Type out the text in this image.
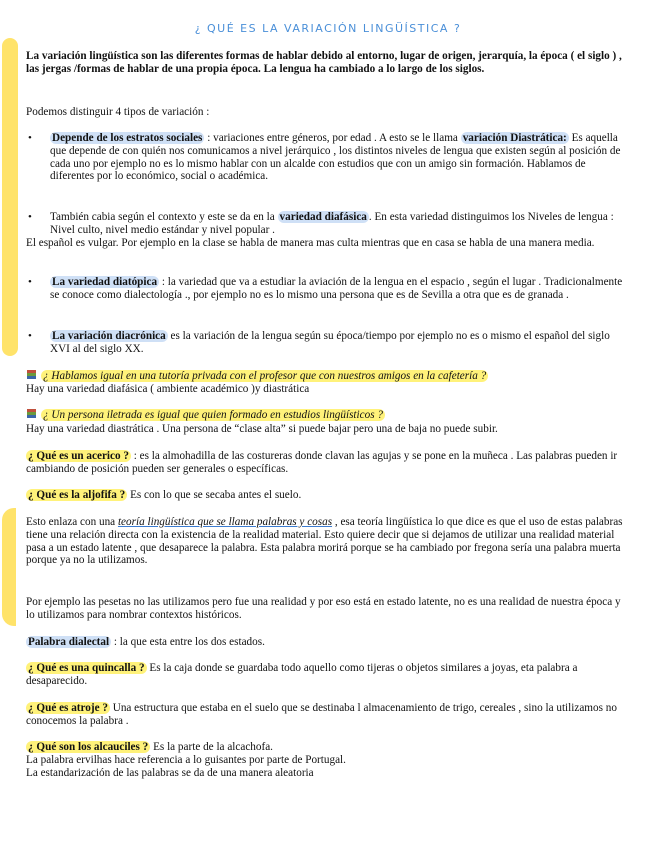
¿ QUÉ ES LA VARIACIÓN LINGÜÍSTICA ?
La variación lingüística son las diferentes formas de hablar debido al entorno, lugar de origen, jerarquía, la época ( el siglo ) , las jergas /formas de hablar de una propia época. La lengua ha cambiado a lo largo de los siglos.
Podemos distinguir 4 tipos de variación :
• Depende de los estratos sociales : variaciones entre géneros, por edad . A esto se le llama variación Diastrática: Es aquella que depende de con quién nos comunicamos a nivel jerárquico , los distintos niveles de lengua que existen según al posición de cada uno por ejemplo no es lo mismo hablar con un alcalde con estudios que con un amigo sin formación. Hablamos de diferentes por lo económico, social o académica.
• También cabia según el contexto y este se da en la variedad diafásica . En esta variedad distinguimos los Niveles de lengua : Nivel culto, nivel medio estándar y nivel popular .
El español es vulgar. Por ejemplo en la clase se habla de manera mas culta mientras que en casa se habla de una manera media.
• La variedad diatópica : la variedad que va a estudiar la aviación de la lengua en el espacio , según el lugar . Tradicionalmente se conoce como dialectología ., por ejemplo no es lo mismo una persona que es de Sevilla a otra que es de granada .
• La variación diacrónica es la variación de la lengua según su época/tiempo por ejemplo no es o mismo el español del siglo XVI al del siglo XX.
¿ Hablamos igual en una tutoría privada con el profesor que con nuestros amigos en la cafetería ?
Hay una variedad diafásica ( ambiente académico )y diastrática
¿ Un persona iletrada es igual que quien formado en estudios lingüísticos ?
Hay una variedad diastrática . Una persona de “clase alta” si puede bajar pero una de baja no puede subir.
¿ Qué es un acerico ? : es la almohadilla de las costureras donde clavan las agujas y se pone en la muñeca . Las palabras pueden ir cambiando de posición pueden ser generales o específicas.
¿ Qué es la aljofifa ? Es con lo que se secaba antes el suelo.
Esto enlaza con una teoría lingüística que se llama palabras y cosas , esa teoría lingüística lo que dice es que el uso de estas palabras tiene una relación directa con la existencia de la realidad material. Esto quiere decir que si dejamos de utilizar una realidad material pasa a un estado latente , que desaparece la palabra. Esta palabra morirá porque se ha cambiado por fregona sería una palabra muerta porque ya no la utilizamos.
Por ejemplo las pesetas no las utilizamos pero fue una realidad y por eso está en estado latente, no es una realidad de nuestra época y lo utilizamos para nombrar contextos históricos.
Palabra dialectal : la que esta entre los dos estados.
¿ Qué es una quincalla ? Es la caja donde se guardaba todo aquello como tijeras o objetos similares a joyas, eta palabra a desaparecido.
¿ Qué es atroje ? Una estructura que estaba en el suelo que se destinaba l almacenamiento de trigo, cereales , sino la utilizamos no conocemos la palabra .
¿ Qué son los alcauciles ? Es la parte de la alcachofa.
La palabra ervilhas hace referencia a lo guisantes por parte de Portugal.
La estandarización de las palabras se da de una manera aleatoria
